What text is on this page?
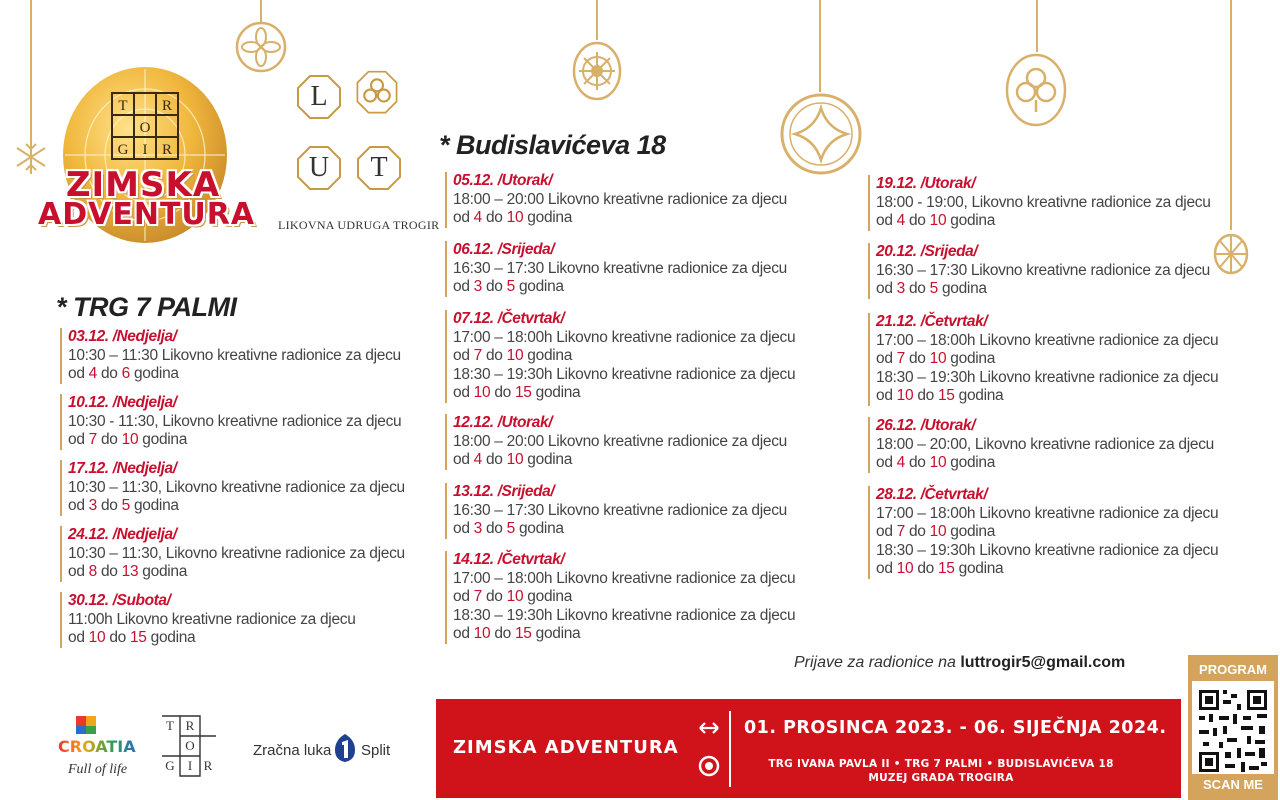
T R
O
G I R
ZIMSKA
ADVENTURA
L
U	T
LIKOVNA UDRUGA TROGIR
* TRG 7 PALMI
* Budislavićeva 18
03.12. /Nedjelja/
10:30 – 11:30 Likovno kreativne radionice za djecu
od 4 do 6 godina
10.12. /Nedjelja/
10:30 - 11:30, Likovno kreativne radionice za djecu
od 7 do 10 godina
17.12. /Nedjelja/
10:30 – 11:30, Likovno kreativne radionice za djecu
od 3 do 5 godina
24.12. /Nedjelja/
10:30 – 11:30, Likovno kreativne radionice za djecu
od 8 do 13 godina
30.12. /Subota/
11:00h Likovno kreativne radionice za djecu
od 10 do 15 godina
05.12. /Utorak/
18:00 – 20:00 Likovno kreativne radionice za djecu
od 4 do 10 godina
06.12. /Srijeda/
16:30 – 17:30 Likovno kreativne radionice za djecu
od 3 do 5 godina
07.12. /Četvrtak/
17:00 – 18:00h Likovno kreativne radionice za djecu
od 7 do 10 godina
18:30 – 19:30h Likovno kreativne radionice za djecu
od 10 do 15 godina
12.12. /Utorak/
18:00 – 20:00 Likovno kreativne radionice za djecu
od 4 do 10 godina
13.12. /Srijeda/
16:30 – 17:30 Likovno kreativne radionice za djecu
od 3 do 5 godina
14.12. /Četvrtak/
17:00 – 18:00h Likovno kreativne radionice za djecu
od 7 do 10 godina
18:30 – 19:30h Likovno kreativne radionice za djecu
od 10 do 15 godina
19.12. /Utorak/
18:00 - 19:00, Likovno kreativne radionice za djecu
od 4 do 10 godina
20.12. /Srijeda/
16:30 – 17:30 Likovno kreativne radionice za djecu
od 3 do 5 godina
21.12. /Četvrtak/
17:00 – 18:00h Likovno kreativne radionice za djecu
od 7 do 10 godina
18:30 – 19:30h Likovno kreativne radionice za djecu
od 10 do 15 godina
26.12. /Utorak/
18:00 – 20:00, Likovno kreativne radionice za djecu
od 4 do 10 godina
28.12. /Četvrtak/
17:00 – 18:00h Likovno kreativne radionice za djecu
od 7 do 10 godina
18:30 – 19:30h Likovno kreativne radionice za djecu
od 10 do 15 godina
Prijave za radionice na luttrogir5@gmail.com
ZIMSKA ADVENTURA
01. PROSINCA 2023. - 06. SIJEČNJA 2024.
TRG IVANA PAVLA II • TRG 7 PALMI • BUDISLAVIĆEVA 18
MUZEJ GRADA TROGIRA
PROGRAM
SCAN ME
CROATIA
Full of life
T R
O
G I R
Zračna luka Split
